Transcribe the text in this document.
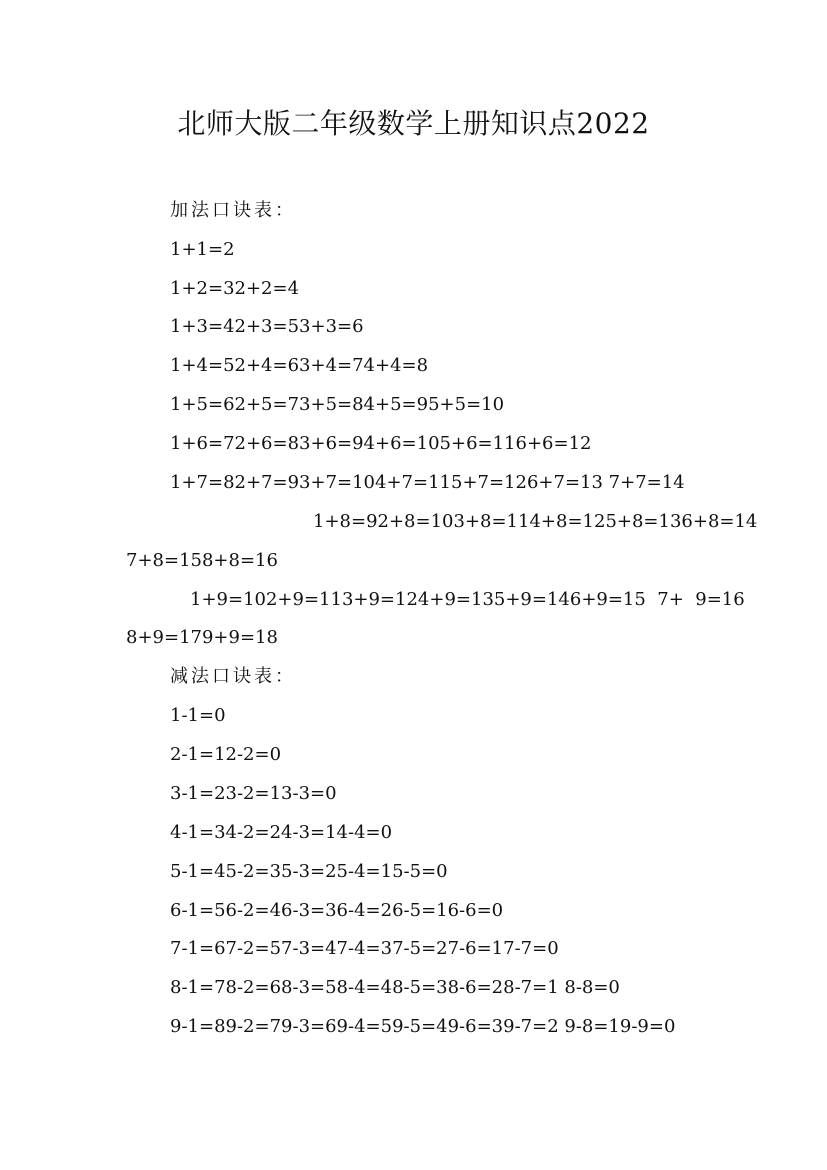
北师大版二年级数学上册知识点2022
加法口诀表：
1+1=2
1+2=32+2=4
1+3=42+3=53+3=6
1+4=52+4=63+4=74+4=8
1+5=62+5=73+5=84+5=95+5=10
1+6=72+6=83+6=94+6=105+6=116+6=12
1+7=82+7=93+7=104+7=115+7=126+7=13 7+7=14
1+8=92+8=103+8=114+8=125+8=136+8=14
7+8=158+8=16
1+9=102+9=113+9=124+9=135+9=146+9=15  7+  9=16
8+9=179+9=18
减法口诀表：
1-1=0
2-1=12-2=0
3-1=23-2=13-3=0
4-1=34-2=24-3=14-4=0
5-1=45-2=35-3=25-4=15-5=0
6-1=56-2=46-3=36-4=26-5=16-6=0
7-1=67-2=57-3=47-4=37-5=27-6=17-7=0
8-1=78-2=68-3=58-4=48-5=38-6=28-7=1 8-8=0
9-1=89-2=79-3=69-4=59-5=49-6=39-7=2 9-8=19-9=0
